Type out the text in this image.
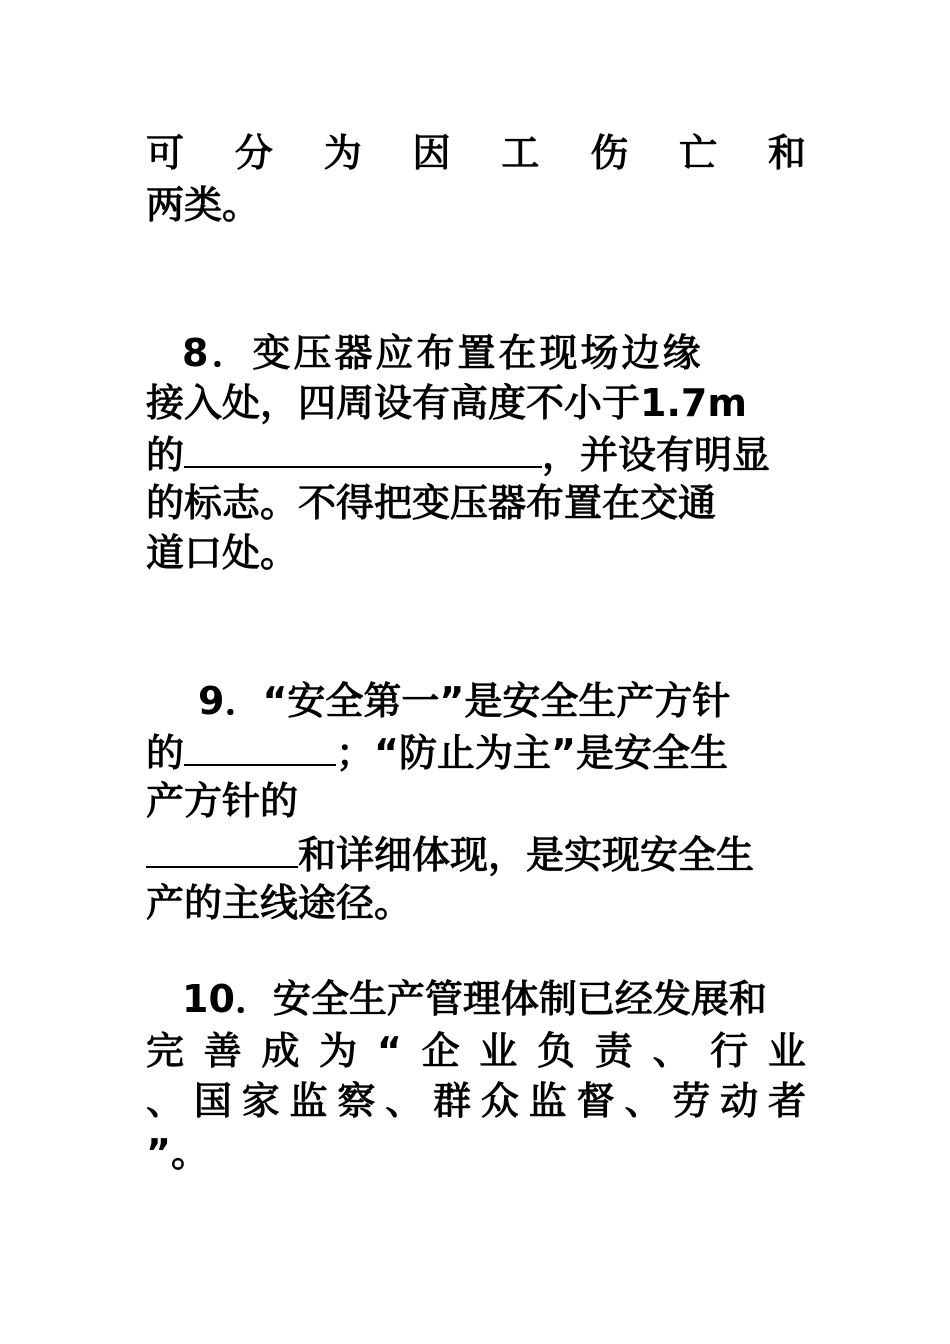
可 分 为 因 工 伤 亡 和
两类。
8．变压器应布置在现场边缘
接入处，四周设有高度不小于1.7m
的	，并设有明显
的标志。不得把变压器布置在交通
道口处。
9．“安全第一”是安全生产方针
的	；“防止为主”是安全生
产方针的
和详细体现，是实现安全生
产的主线途径。
10．安全生产管理体制已经发展和
完 善 成 为 “ 企 业 负 责 、 行 业
、 国 家 监 察 、 群 众 监 督 、 劳 动 者
”。
